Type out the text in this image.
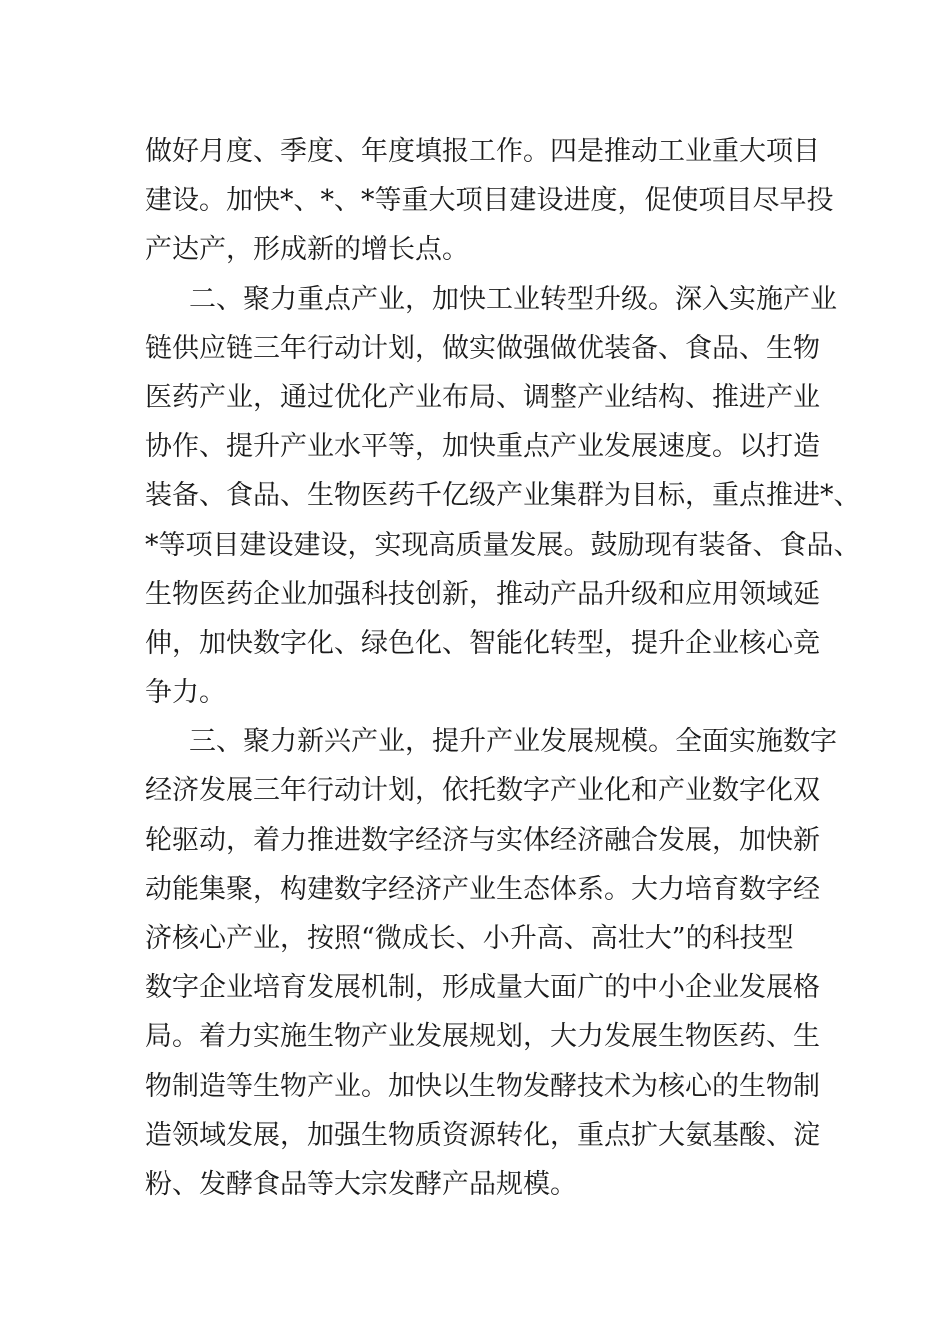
做好月度、季度、年度填报工作。四是推动工业重大项目
建设。加快*、*、*等重大项目建设进度，促使项目尽早投
产达产，形成新的增长点。
二、聚力重点产业，加快工业转型升级。深入实施产业
链供应链三年行动计划，做实做强做优装备、食品、生物
医药产业，通过优化产业布局、调整产业结构、推进产业
协作、提升产业水平等，加快重点产业发展速度。以打造
装备、食品、生物医药千亿级产业集群为目标，重点推进*、
*等项目建设建设，实现高质量发展。鼓励现有装备、食品、
生物医药企业加强科技创新，推动产品升级和应用领域延
伸，加快数字化、绿色化、智能化转型，提升企业核心竞
争力。
三、聚力新兴产业，提升产业发展规模。全面实施数字
经济发展三年行动计划，依托数字产业化和产业数字化双
轮驱动，着力推进数字经济与实体经济融合发展，加快新
动能集聚，构建数字经济产业生态体系。大力培育数字经
济核心产业，按照“微成长、小升高、高壮大”的科技型
数字企业培育发展机制，形成量大面广的中小企业发展格
局。着力实施生物产业发展规划，大力发展生物医药、生
物制造等生物产业。加快以生物发酵技术为核心的生物制
造领域发展，加强生物质资源转化，重点扩大氨基酸、淀
粉、发酵食品等大宗发酵产品规模。
